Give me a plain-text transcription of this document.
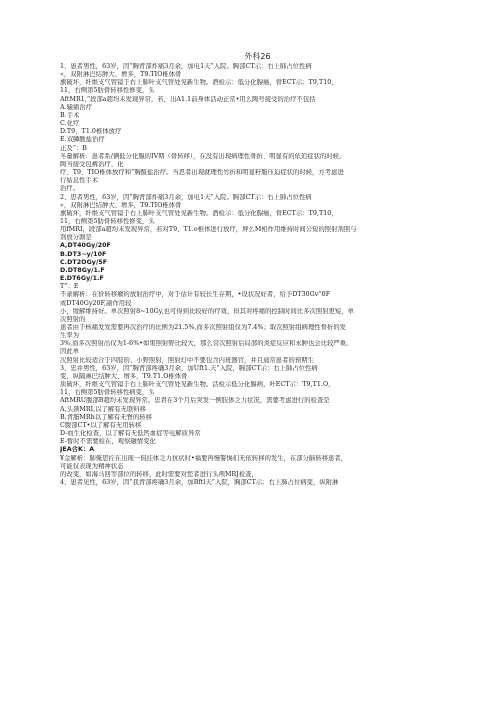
外科26
1、患者男性，63岁，因“胸背部炸痛3月余，加电1天”入院。胸部CT示：右上肺占位性病
«，双附淋巴结肿大、增多，T9.TIO椎体骨
旗破坏，纤维支气管镜于右上肺叶支气管处见新生物。酒检示：低分化腺癌，骨ECT示：T9,T10，
11，右侧第5肋骨转移性修变，头
AftMR1,”段部a超均未发现异常，若，出A1.1前身体活动正常•用么陶号接受的治疗不包括
A.辕痛治疗
B.手术
C.化疗
D.T9、T1.0椎体放疗
E.双膦酸盐治疗
正及“：B
冬量解析：患者系/俩低分化腺的IV期（骨转移），在没有出现病理性骨折、明显有的依追症状的时候,
陶当接受包裤治疗、化
疗、T9、TIO椎体放疗和“胸醛盐治疗。当思者出现就理性竹折和明显籽脂压迫症状的时候，方考虑进
行姑息性手术
治疗。
2、思者男性，63岁，因“胸背部炸痛3月余，加电1天”入院。胸部CT示：右上肺占位性病
«，双附淋巴结肿大、增多，T9.TIO椎体骨
旗破坏，纤维支气管镜于右上肺叶支气管处见新生物。酒检示：低分化腺癌，骨ECT示：T9,T10，
11，右侧第5肋骨转移性修变，头
用fMRI，段部a超均未发现异常，若对T9、T1.o椎体进行放疗，屏么M相作用维持时间公短的照射剂照与
剂放分割是
A,DT40Gy/20F
B.DT3~y/10F
C.DT2OGy/5F
D.DT8Gy/1.F
E.DT6Gy/1.F
T”：E
不录解析：在价转移瘤的放射治疗中，对于估计有较长生存期，•设状况好者，给予DT30Gv”0F
或DT40Gy20F,副作用较
小，缓解维持好。单次照射8~10Gy,也可得到比较好的疗效，但其对疼痛的控制时间比多次照射更短，单
次照射的
患者由于核痛发发需要再次治疗的比例为21.5%,而多次照射组仅为7.4%；取次照射组病理性骨折的发
生率为
3%,而多次照射出仅为1-6%•如果照射野比较大，那么常次照射后局部的炎症反应和永肿也会比较严重,
因此单
次照射比较适合于四肢的、小野照射，照射灯中不要包含内班器官，并且通常患者的预期生
3、忠并男性，63岁，因“胸背部疼确3月余，加Uft1.天”入院，胸部CT示：右上肺占位性病
变，纵隔淋巴结肿大、增多，T9.T1.O椎体骨
质破坏，纤维支气管镜于右上肺叶支气管处见新生物。活检示低分化腺病，叶ECT示：T9,T1.O，
11，右侧第5肋骨转移性病变，头
AftMRU腹部B超均未发现异常。忠君在3个月后突发一例肢体乏力状况，需要考虑进行的检查是
A,头颈MRI,以了解有无联料移
B.背脂MRh以了解有无脊的转移
C腹部CT•以了解有无用转移
D-血生化检查，以了解有无低钙血症等电解质异常
E-暂时不需要检在，观察融情变化
JEA合K：A
¥金解析：肺俺思拧在出现一侃挂体乏力抗状时•福要再慢警惕们无依转移的发生，在部分脑转移患者，
可能仅表现为精神状态
的改变，如海马回等部位的转移，此时需要对您者进行头颅MRJ检查，
4、患者见性，63岁，因“我背部疼确3月余，加Bftl天”入院，胸部CT示：右上肺占位病变，纵附淋
